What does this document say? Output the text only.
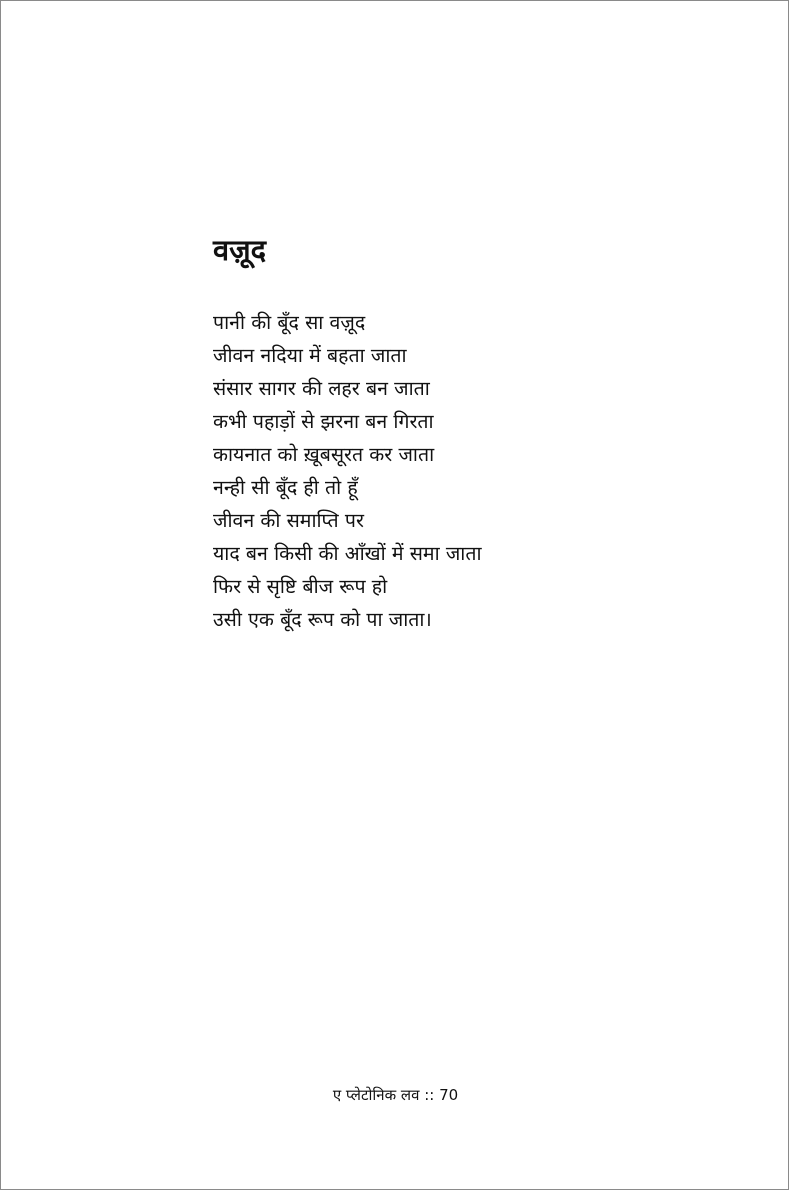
वज़ूद
पानी की बूँद सा वज़ूद
जीवन नदिया में बहता जाता
संसार सागर की लहर बन जाता
कभी पहाड़ों से झरना बन गिरता
कायनात को ख़ूबसूरत कर जाता
नन्ही सी बूँद ही तो हूँ
जीवन की समाप्ति पर
याद बन किसी की आँखों में समा जाता
फिर से सृष्टि बीज रूप हो
उसी एक बूँद रूप को पा जाता।
ए प्लेटोनिक लव :: 70
